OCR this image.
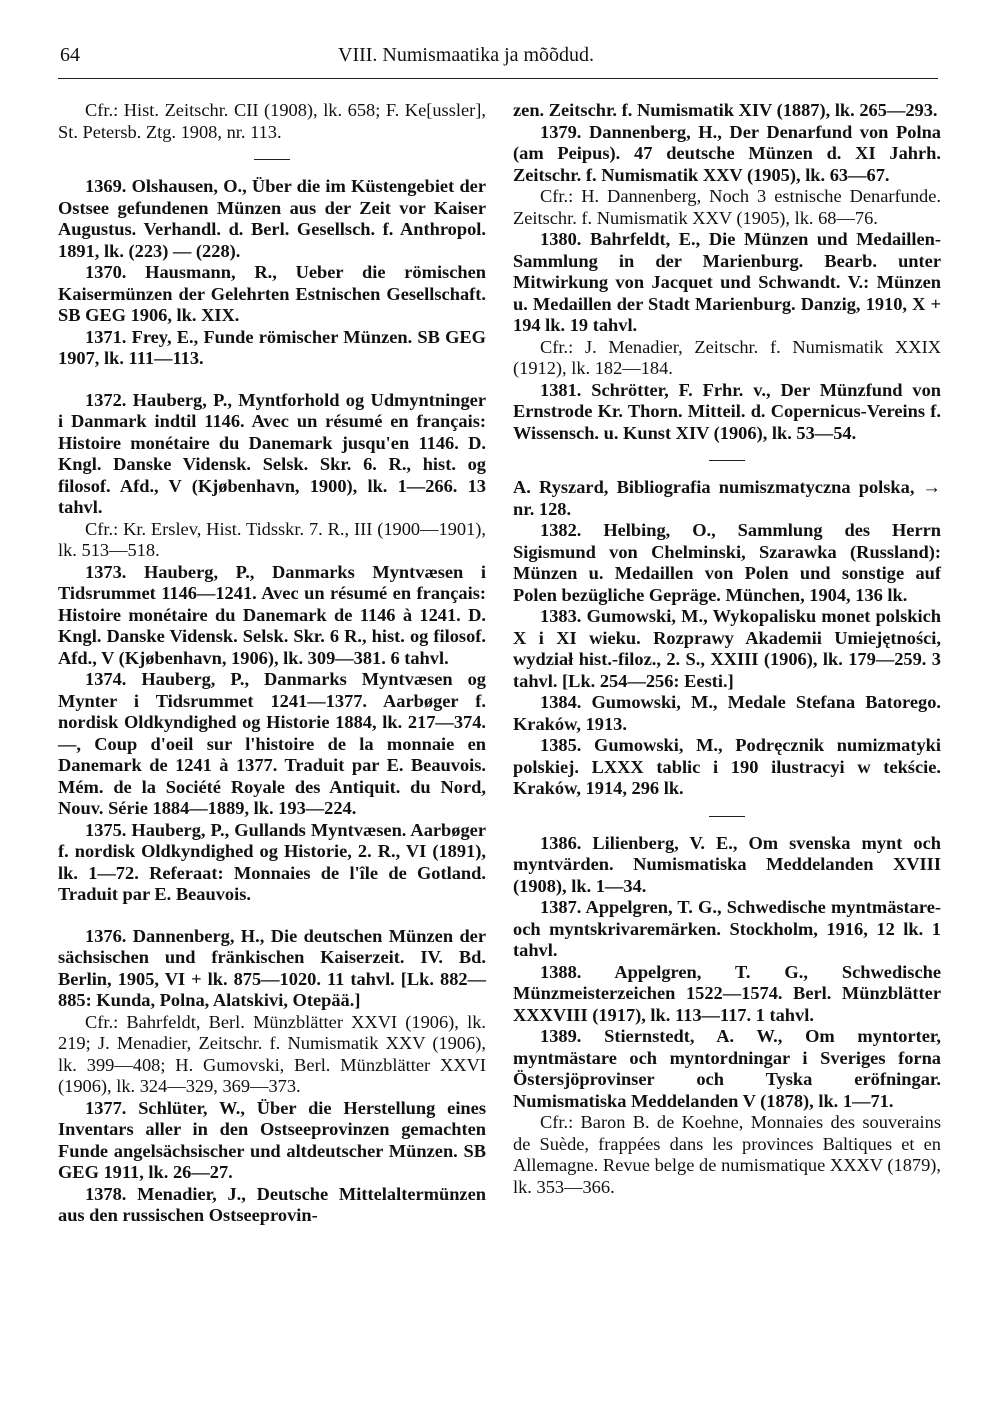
64	VIII. Numismaatika ja mõõdud.

Cfr.: Hist. Zeitschr. CII (1908), lk. 658; F. Ke[ussler], St. Petersb. Ztg. 1908, nr. 113.

1369. Olshausen, O., Über die im Küstengebiet der Ostsee gefundenen Münzen aus der Zeit vor Kaiser Augustus. Verhandl. d. Berl. Gesellsch. f. Anthropol. 1891, lk. (223) — (228).

1370. Hausmann, R., Ueber die römischen Kaisermünzen der Gelehrten Estnischen Gesellschaft. SB GEG 1906, lk. XIX.

1371. Frey, E., Funde römischer Münzen. SB GEG 1907, lk. 111—113.

1372. Hauberg, P., Myntforhold og Udmyntninger i Danmark indtil 1146. Avec un résumé en français: Histoire monétaire du Danemark jusqu'en 1146. D. Kngl. Danske Vidensk. Selsk. Skr. 6. R., hist. og filosof. Afd., V (Kjøbenhavn, 1900), lk. 1—266. 13 tahvl.

Cfr.: Kr. Erslev, Hist. Tidsskr. 7. R., III (1900—1901), lk. 513—518.

1373. Hauberg, P., Danmarks Myntvæsen i Tidsrummet 1146—1241. Avec un résumé en français: Histoire monétaire du Danemark de 1146 à 1241. D. Kngl. Danske Vidensk. Selsk. Skr. 6 R., hist. og filosof. Afd., V (Kjøbenhavn, 1906), lk. 309—381. 6 tahvl.

1374. Hauberg, P., Danmarks Myntvæsen og Mynter i Tidsrummet 1241—1377. Aarbøger f. nordisk Oldkyndighed og Historie 1884, lk. 217—374. —, Coup d'oeil sur l'histoire de la monnaie en Danemark de 1241 à 1377. Traduit par E. Beauvois. Mém. de la Société Royale des Antiquit. du Nord, Nouv. Série 1884—1889, lk. 193—224.

1375. Hauberg, P., Gullands Myntvæsen. Aarbøger f. nordisk Oldkyndighed og Historie, 2. R., VI (1891), lk. 1—72. Referaat: Monnaies de l'île de Gotland. Traduit par E. Beauvois.

1376. Dannenberg, H., Die deutschen Münzen der sächsischen und fränkischen Kaiserzeit. IV. Bd. Berlin, 1905, VI + lk. 875—1020. 11 tahvl. [Lk. 882—885: Kunda, Polna, Alatskivi, Otepää.]

Cfr.: Bahrfeldt, Berl. Münzblätter XXVI (1906), lk. 219; J. Menadier, Zeitschr. f. Numismatik XXV (1906), lk. 399—408; H. Gumovski, Berl. Münzblätter XXVI (1906), lk. 324—329, 369—373.

1377. Schlüter, W., Über die Herstellung eines Inventars aller in den Ostseeprovinzen gemachten Funde angelsächsischer und altdeutscher Münzen. SB GEG 1911, lk. 26—27.

1378. Menadier, J., Deutsche Mittelaltermünzen aus den russischen Ostseeprovin-

zen. Zeitschr. f. Numismatik XIV (1887), lk. 265—293.

1379. Dannenberg, H., Der Denarfund von Polna (am Peipus). 47 deutsche Münzen d. XI Jahrh. Zeitschr. f. Numismatik XXV (1905), lk. 63—67.

Cfr.: H. Dannenberg, Noch 3 estnische Denarfunde. Zeitschr. f. Numismatik XXV (1905), lk. 68—76.

1380. Bahrfeldt, E., Die Münzen und Medaillen-Sammlung in der Marienburg. Bearb. unter Mitwirkung von Jacquet und Schwandt. V.: Münzen u. Medaillen der Stadt Marienburg. Danzig, 1910, X + 194 lk. 19 tahvl.

Cfr.: J. Menadier, Zeitschr. f. Numismatik XXIX (1912), lk. 182—184.

1381. Schrötter, F. Frhr. v., Der Münzfund von Ernstrode Kr. Thorn. Mitteil. d. Copernicus-Vereins f. Wissensch. u. Kunst XIV (1906), lk. 53—54.

A. Ryszard, Bibliografia numiszmatyczna polska, → nr. 128.

1382. Helbing, O., Sammlung des Herrn Sigismund von Chelminski, Szarawka (Russland): Münzen u. Medaillen von Polen und sonstige auf Polen bezügliche Gepräge. München, 1904, 136 lk.

1383. Gumowski, M., Wykopalisku monet polskich X i XI wieku. Rozprawy Akademii Umiejętności, wydział hist.-filoz., 2. S., XXIII (1906), lk. 179—259. 3 tahvl. [Lk. 254—256: Eesti.]

1384. Gumowski, M., Medale Stefana Batorego. Kraków, 1913.

1385. Gumowski, M., Podręcznik numizmatyki polskiej. LXXX tablic i 190 ilustracyi w tekście. Kraków, 1914, 296 lk.

1386. Lilienberg, V. E., Om svenska mynt och myntvärden. Numismatiska Meddelanden XVIII (1908), lk. 1—34.

1387. Appelgren, T. G., Schwedische myntmästare- och myntskrivaremärken. Stockholm, 1916, 12 lk. 1 tahvl.

1388. Appelgren, T. G., Schwedische Münzmeisterzeichen 1522—1574. Berl. Münzblätter XXXVIII (1917), lk. 113—117. 1 tahvl.

1389. Stiernstedt, A. W., Om myntorter, myntmästare och myntordningar i Sveriges forna Östersjöprovinser och Tyska eröfningar. Numismatiska Meddelanden V (1878), lk. 1—71.

Cfr.: Baron B. de Koehne, Monnaies des souverains de Suède, frappées dans les provinces Baltiques et en Allemagne. Revue belge de numismatique XXXV (1879), lk. 353—366.
